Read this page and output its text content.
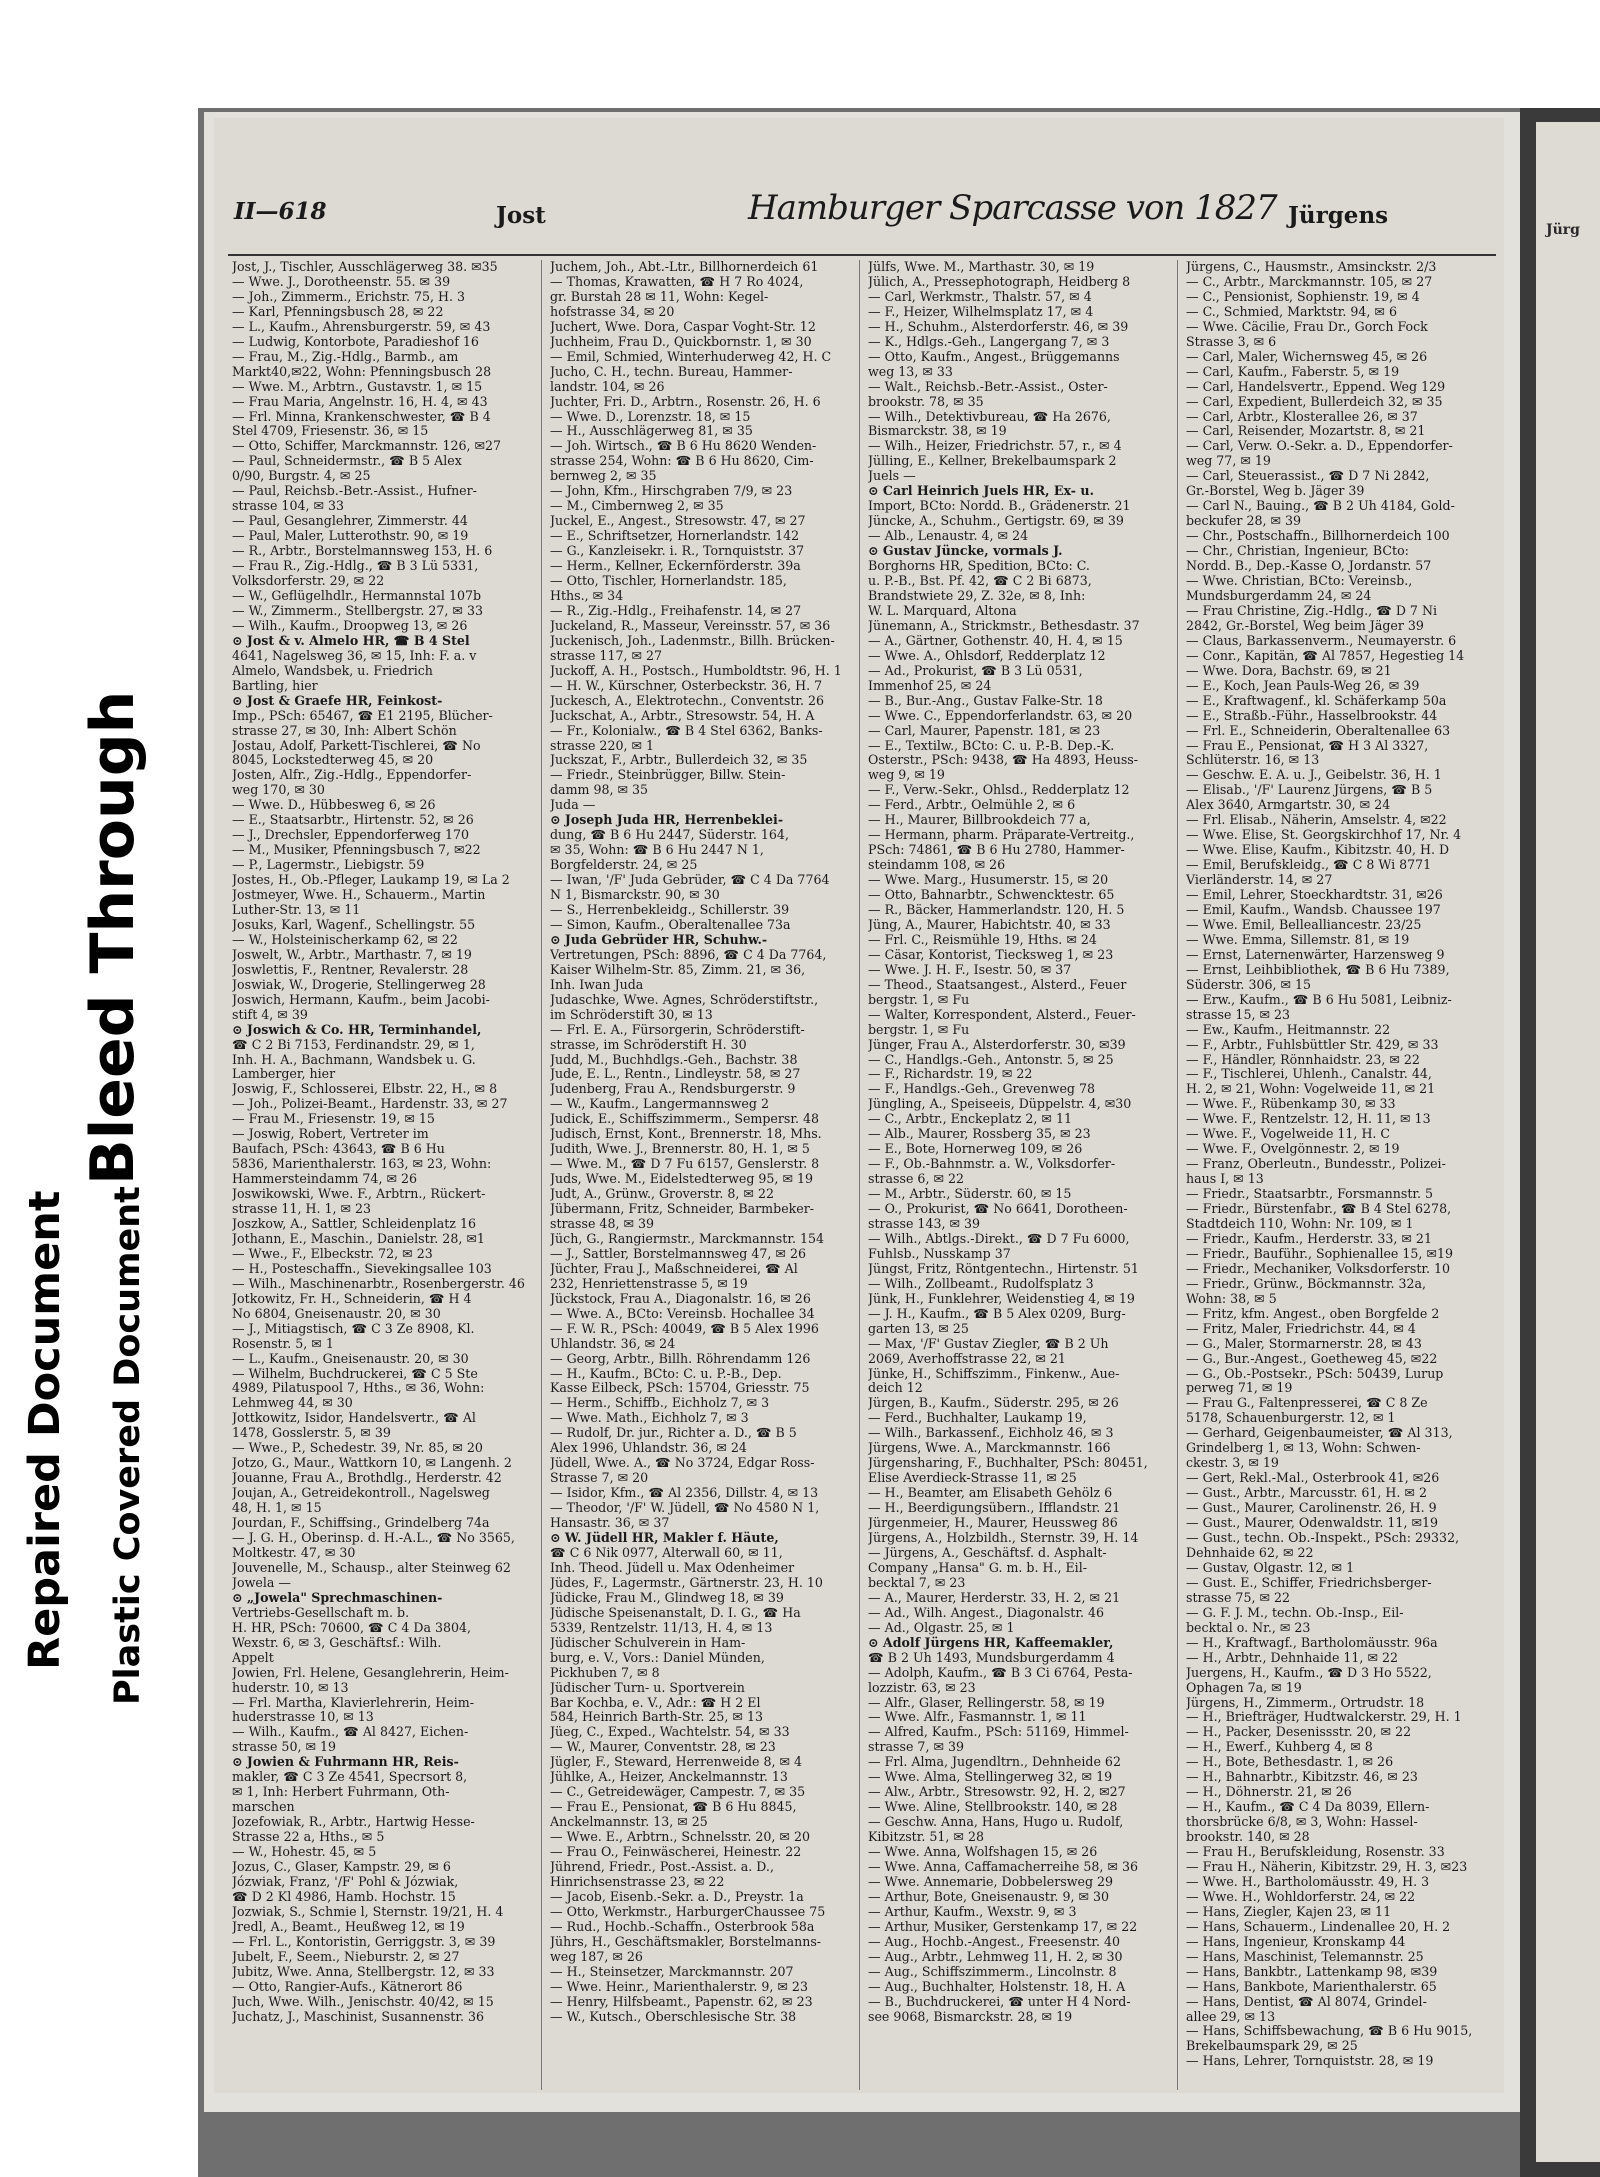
Bleed Through
Repaired Document Plastic Covered Document
II—618	Jost	Hamburger Sparcasse von 1827 Jürgens
Jost, J., Tischler, Ausschlägerweg 38. ✉35
— Wwe. J., Dorotheenstr. 55. ✉ 39
— Joh., Zimmerm., Erichstr. 75, H. 3
— Karl, Pfenningsbusch 28, ✉ 22
— L., Kaufm., Ahrensburgerstr. 59, ✉ 43
— Ludwig, Kontorbote, Paradieshof 16
— Frau, M., Zig.-Hdlg., Barmb., am
Markt40,✉22, Wohn: Pfenningsbusch 28
— Wwe. M., Arbtrn., Gustavstr. 1, ✉ 15
— Frau Maria, Angelnstr. 16, H. 4, ✉ 43
— Frl. Minna, Krankenschwester, ☎ B 4
Stel 4709, Friesenstr. 36, ✉ 15
— Otto, Schiffer, Marckmannstr. 126, ✉27
— Paul, Schneidermstr., ☎ B 5 Alex
0/90, Burgstr. 4, ✉ 25
— Paul, Reichsb.-Betr.-Assist., Hufner-
strasse 104, ✉ 33
— Paul, Gesanglehrer, Zimmerstr. 44
— Paul, Maler, Lutterothstr. 90, ✉ 19
— R., Arbtr., Borstelmannsweg 153, H. 6
— Frau R., Zig.-Hdlg., ☎ B 3 Lü 5331,
Volksdorferstr. 29, ✉ 22
— W., Geflügelhdlr., Hermannstal 107b
— W., Zimmerm., Stellbergstr. 27, ✉ 33
— Wilh., Kaufm., Droopweg 13, ✉ 26
⊙ Jost & v. Almelo HR, ☎ B 4 Stel
4641, Nagelsweg 36, ✉ 15, Inh: F. a. v
Almelo, Wandsbek, u. Friedrich
Bartling, hier
⊙ Jost & Graefe HR, Feinkost-
Imp., PSch: 65467, ☎ E1 2195, Blücher-
strasse 27, ✉ 30, Inh: Albert Schön
Jostau, Adolf, Parkett-Tischlerei, ☎ No
8045, Lockstedterweg 45, ✉ 20
Josten, Alfr., Zig.-Hdlg., Eppendorfer-
weg 170, ✉ 30
— Wwe. D., Hübbesweg 6, ✉ 26
— E., Staatsarbtr., Hirtenstr. 52, ✉ 26
— J., Drechsler, Eppendorferweg 170
— M., Musiker, Pfenningsbusch 7, ✉22
— P., Lagermstr., Liebigstr. 59
Jostes, H., Ob.-Pfleger, Laukamp 19, ✉ La 2
Jostmeyer, Wwe. H., Schauerm., Martin
Luther-Str. 13, ✉ 11
Josuks, Karl, Wagenf., Schellingstr. 55
— W., Holsteinischerkamp 62, ✉ 22
Joswelt, W., Arbtr., Marthastr. 7, ✉ 19
Joswlettis, F., Rentner, Revalerstr. 28
Joswiak, W., Drogerie, Stellingerweg 28
Joswich, Hermann, Kaufm., beim Jacobi-
stift 4, ✉ 39
⊙ Joswich & Co. HR, Terminhandel,
☎ C 2 Bi 7153, Ferdinandstr. 29, ✉ 1,
Inh. H. A., Bachmann, Wandsbek u. G.
Lamberger, hier
Joswig, F., Schlosserei, Elbstr. 22, H., ✉ 8
— Joh., Polizei-Beamt., Hardenstr. 33, ✉ 27
— Frau M., Friesenstr. 19, ✉ 15
— Joswig, Robert, Vertreter im
Baufach, PSch: 43643, ☎ B 6 Hu
5836, Marienthalerstr. 163, ✉ 23, Wohn:
Hammersteindamm 74, ✉ 26
Joswikowski, Wwe. F., Arbtrn., Rückert-
strasse 11, H. 1, ✉ 23
Joszkow, A., Sattler, Schleidenplatz 16
Jothann, E., Maschin., Danielstr. 28, ✉1
— Wwe., F., Elbeckstr. 72, ✉ 23
— H., Posteschaffn., Sievekingsallee 103
— Wilh., Maschinenarbtr., Rosenbergerstr. 46
Jotkowitz, Fr. H., Schneiderin, ☎ H 4
No 6804, Gneisenaustr. 20, ✉ 30
— J., Mitiagstisch, ☎ C 3 Ze 8908, Kl.
Rosenstr. 5, ✉ 1
— L., Kaufm., Gneisenaustr. 20, ✉ 30
— Wilhelm, Buchdruckerei, ☎ C 5 Ste
4989, Pilatuspool 7, Hths., ✉ 36, Wohn:
Lehmweg 44, ✉ 30
Jottkowitz, Isidor, Handelsvertr., ☎ Al
1478, Gosslerstr. 5, ✉ 39
— Wwe., P., Schedestr. 39, Nr. 85, ✉ 20
Jotzo, G., Maur., Wattkorn 10, ✉ Langenh. 2
Jouanne, Frau A., Brothdlg., Herderstr. 42
Joujan, A., Getreidekontroll., Nagelsweg
48, H. 1, ✉ 15
Jourdan, F., Schiffsing., Grindelberg 74a
— J. G. H., Oberinsp. d. H.-A.L., ☎ No 3565,
Moltkestr. 47, ✉ 30
Jouvenelle, M., Schausp., alter Steinweg 62
Jowela —
⊙ „Jowela" Sprechmaschinen-
Vertriebs-Gesellschaft m. b.
H. HR, PSch: 70600, ☎ C 4 Da 3804,
Wexstr. 6, ✉ 3, Geschäftsf.: Wilh.
Appelt
Jowien, Frl. Helene, Gesanglehrerin, Heim-
huderstr. 10, ✉ 13
— Frl. Martha, Klavierlehrerin, Heim-
huderstrasse 10, ✉ 13
— Wilh., Kaufm., ☎ Al 8427, Eichen-
strasse 50, ✉ 19
⊙ Jowien & Fuhrmann HR, Reis-
makler, ☎ C 3 Ze 4541, Specrsort 8,
✉ 1, Inh: Herbert Fuhrmann, Oth-
marschen
Jozefowiak, R., Arbtr., Hartwig Hesse-
Strasse 22 a, Hths., ✉ 5
— W., Hohestr. 45, ✉ 5
Jozus, C., Glaser, Kampstr. 29, ✉ 6
Józwiak, Franz, '/F' Pohl & Józwiak,
☎ D 2 Kl 4986, Hamb. Hochstr. 15
Jozwiak, S., Schmie l, Sternstr. 19/21, H. 4
Jredl, A., Beamt., Heußweg 12, ✉ 19
— Frl. L., Kontoristin, Gerriggstr. 3, ✉ 39
Jubelt, F., Seem., Nieburstr. 2, ✉ 27
Jubitz, Wwe. Anna, Stellbergstr. 12, ✉ 33
— Otto, Rangier-Aufs., Kätnerort 86
Juch, Wwe. Wilh., Jenischstr. 40/42, ✉ 15
Juchatz, J., Maschinist, Susannenstr. 36
Juchem, Joh., Abt.-Ltr., Billhornerdeich 61
— Thomas, Krawatten, ☎ H 7 Ro 4024,
gr. Burstah 28 ✉ 11, Wohn: Kegel-
hofstrasse 34, ✉ 20
Juchert, Wwe. Dora, Caspar Voght-Str. 12
Juchheim, Frau D., Quickbornstr. 1, ✉ 30
— Emil, Schmied, Winterhuderweg 42, H. C
Jucho, C. H., techn. Bureau, Hammer-
landstr. 104, ✉ 26
Juchter, Fri. D., Arbtrn., Rosenstr. 26, H. 6
— Wwe. D., Lorenzstr. 18, ✉ 15
— H., Ausschlägerweg 81, ✉ 35
— Joh. Wirtsch., ☎ B 6 Hu 8620 Wenden-
strasse 254, Wohn: ☎ B 6 Hu 8620, Cim-
bernweg 2, ✉ 35
— John, Kfm., Hirschgraben 7/9, ✉ 23
— M., Cimbernweg 2, ✉ 35
Juckel, E., Angest., Stresowstr. 47, ✉ 27
— E., Schriftsetzer, Hornerlandstr. 142
— G., Kanzleisekr. i. R., Tornquiststr. 37
— Herm., Kellner, Eckernförderstr. 39a
— Otto, Tischler, Hornerlandstr. 185,
Hths., ✉ 34
— R., Zig.-Hdlg., Freihafenstr. 14, ✉ 27
Juckeland, R., Masseur, Vereinsstr. 57, ✉ 36
Juckenisch, Joh., Ladenmstr., Billh. Brücken-
strasse 117, ✉ 27
Juckoff, A. H., Postsch., Humboldtstr. 96, H. 1
— H. W., Kürschner, Osterbeckstr. 36, H. 7
Juckesch, A., Elektrotechn., Conventstr. 26
Juckschat, A., Arbtr., Stresowstr. 54, H. A
— Fr., Kolonialw., ☎ B 4 Stel 6362, Banks-
strasse 220, ✉ 1
Juckszat, F., Arbtr., Bullerdeich 32, ✉ 35
— Friedr., Steinbrügger, Billw. Stein-
damm 98, ✉ 35
Juda —
⊙ Joseph Juda HR, Herrenbeklei-
dung, ☎ B 6 Hu 2447, Süderstr. 164,
✉ 35, Wohn: ☎ B 6 Hu 2447 N 1,
Borgfelderstr. 24, ✉ 25
— Iwan, '/F' Juda Gebrüder, ☎ C 4 Da 7764
N 1, Bismarckstr. 90, ✉ 30
— S., Herrenbekleidg., Schillerstr. 39
— Simon, Kaufm., Oberaltenallee 73a
⊙ Juda Gebrüder HR, Schuhw.-
Vertretungen, PSch: 8896, ☎ C 4 Da 7764,
Kaiser Wilhelm-Str. 85, Zimm. 21, ✉ 36,
Inh. Iwan Juda
Judaschke, Wwe. Agnes, Schröderstiftstr.,
im Schröderstift 30, ✉ 13
— Frl. E. A., Fürsorgerin, Schröderstift-
strasse, im Schröderstift H. 30
Judd, M., Buchhdlgs.-Geh., Bachstr. 38
Jude, E. L., Rentn., Lindleystr. 58, ✉ 27
Judenberg, Frau A., Rendsburgerstr. 9
— W., Kaufm., Langermannsweg 2
Judick, E., Schiffszimmerm., Sempersr. 48
Judisch, Ernst, Kont., Brennerstr. 18, Mhs.
Judith, Wwe. J., Brennerstr. 80, H. 1, ✉ 5
— Wwe. M., ☎ D 7 Fu 6157, Genslerstr. 8
Juds, Wwe. M., Eidelstedterweg 95, ✉ 19
Judt, A., Grünw., Groverstr. 8, ✉ 22
Jübermann, Fritz, Schneider, Barmbeker-
strasse 48, ✉ 39
Jüch, G., Rangiermstr., Marckmannstr. 154
— J., Sattler, Borstelmannsweg 47, ✉ 26
Jüchter, Frau J., Maßschneiderei, ☎ Al
232, Henriettenstrasse 5, ✉ 19
Jückstock, Frau A., Diagonalstr. 16, ✉ 26
— Wwe. A., BCto: Vereinsb. Hochallee 34
— F. W. R., PSch: 40049, ☎ B 5 Alex 1996
Uhlandstr. 36, ✉ 24
— Georg, Arbtr., Billh. Röhrendamm 126
— H., Kaufm., BCto: C. u. P.-B., Dep.
Kasse Eilbeck, PSch: 15704, Griesstr. 75
— Herm., Schiffb., Eichholz 7, ✉ 3
— Wwe. Math., Eichholz 7, ✉ 3
— Rudolf, Dr. jur., Richter a. D., ☎ B 5
Alex 1996, Uhlandstr. 36, ✉ 24
Jüdell, Wwe. A., ☎ No 3724, Edgar Ross-
Strasse 7, ✉ 20
— Isidor, Kfm., ☎ Al 2356, Dillstr. 4, ✉ 13
— Theodor, '/F' W. Jüdell, ☎ No 4580 N 1,
Hansastr. 36, ✉ 37
⊙ W. Jüdell HR, Makler f. Häute,
☎ C 6 Nik 0977, Alterwall 60, ✉ 11,
Inh. Theod. Jüdell u. Max Odenheimer
Jüdes, F., Lagermstr., Gärtnerstr. 23, H. 10
Jüdicke, Frau M., Glindweg 18, ✉ 39
Jüdische Speisenanstalt, D. I. G., ☎ Ha
5339, Rentzelstr. 11/13, H. 4, ✉ 13
Jüdischer Schulverein in Ham-
burg, e. V., Vors.: Daniel Münden,
Pickhuben 7, ✉ 8
Jüdischer Turn- u. Sportverein
Bar Kochba, e. V., Adr.: ☎ H 2 El
584, Heinrich Barth-Str. 25, ✉ 13
Jüeg, C., Exped., Wachtelstr. 54, ✉ 33
— W., Maurer, Conventstr. 28, ✉ 23
Jügler, F., Steward, Herrenweide 8, ✉ 4
Jühlke, A., Heizer, Anckelmannstr. 13
— C., Getreidewäger, Campestr. 7, ✉ 35
— Frau E., Pensionat, ☎ B 6 Hu 8845,
Anckelmannstr. 13, ✉ 25
— Wwe. E., Arbtrn., Schnelsstr. 20, ✉ 20
— Frau O., Feinwäscherei, Heinestr. 22
Jührend, Friedr., Post.-Assist. a. D.,
Hinrichsenstrasse 23, ✉ 22
— Jacob, Eisenb.-Sekr. a. D., Preystr. 1a
— Otto, Werkmstr., HarburgerChaussee 75
— Rud., Hochb.-Schaffn., Osterbrook 58a
Jührs, H., Geschäftsmakler, Borstelmanns-
weg 187, ✉ 26
— H., Steinsetzer, Marckmannstr. 207
— Wwe. Heinr., Marienthalerstr. 9, ✉ 23
— Henry, Hilfsbeamt., Papenstr. 62, ✉ 23
— W., Kutsch., Oberschlesische Str. 38
Jülfs, Wwe. M., Marthastr. 30, ✉ 19
Jülich, A., Pressephotograph, Heidberg 8
— Carl, Werkmstr., Thalstr. 57, ✉ 4
— F., Heizer, Wilhelmsplatz 17, ✉ 4
— H., Schuhm., Alsterdorferstr. 46, ✉ 39
— K., Hdlgs.-Geh., Langergang 7, ✉ 3
— Otto, Kaufm., Angest., Brüggemanns
weg 13, ✉ 33
— Walt., Reichsb.-Betr.-Assist., Oster-
brookstr. 78, ✉ 35
— Wilh., Detektivbureau, ☎ Ha 2676,
Bismarckstr. 38, ✉ 19
— Wilh., Heizer, Friedrichstr. 57, r., ✉ 4
Jülling, E., Kellner, Brekelbaumspark 2
Juels —
⊙ Carl Heinrich Juels HR, Ex- u.
Import, BCto: Nordd. B., Grädenerstr. 21
Jüncke, A., Schuhm., Gertigstr. 69, ✉ 39
— Alb., Lenaustr. 4, ✉ 24
⊙ Gustav Jüncke, vormals J.
Borghorns HR, Spedition, BCto: C.
u. P.-B., Bst. Pf. 42, ☎ C 2 Bi 6873,
Brandstwiete 29, Z. 32e, ✉ 8, Inh:
W. L. Marquard, Altona
Jünemann, A., Strickmstr., Bethesdastr. 37
— A., Gärtner, Gothenstr. 40, H. 4, ✉ 15
— Wwe. A., Ohlsdorf, Redderplatz 12
— Ad., Prokurist, ☎ B 3 Lü 0531,
Immenhof 25, ✉ 24
— B., Bur.-Ang., Gustav Falke-Str. 18
— Wwe. C., Eppendorferlandstr. 63, ✉ 20
— Carl, Maurer, Papenstr. 181, ✉ 23
— E., Textilw., BCto: C. u. P.-B. Dep.-K.
Osterstr., PSch: 9438, ☎ Ha 4893, Heuss-
weg 9, ✉ 19
— F., Verw.-Sekr., Ohlsd., Redderplatz 12
— Ferd., Arbtr., Oelmühle 2, ✉ 6
— H., Maurer, Billbrookdeich 77 a,
— Hermann, pharm. Präparate-Vertreitg.,
PSch: 74861, ☎ B 6 Hu 2780, Hammer-
steindamm 108, ✉ 26
— Wwe. Marg., Husumerstr. 15, ✉ 20
— Otto, Bahnarbtr., Schwencktestr. 65
— R., Bäcker, Hammerlandstr. 120, H. 5
Jüng, A., Maurer, Habichtstr. 40, ✉ 33
— Frl. C., Reismühle 19, Hths. ✉ 24
— Cäsar, Kontorist, Tiecksweg 1, ✉ 23
— Wwe. J. H. F., Isestr. 50, ✉ 37
— Theod., Staatsangest., Alsterd., Feuer
bergstr. 1, ✉ Fu
— Walter, Korrespondent, Alsterd., Feuer-
bergstr. 1, ✉ Fu
Jünger, Frau A., Alsterdorferstr. 30, ✉39
— C., Handlgs.-Geh., Antonstr. 5, ✉ 25
— F., Richardstr. 19, ✉ 22
— F., Handlgs.-Geh., Grevenweg 78
Jüngling, A., Speiseeis, Düppelstr. 4, ✉30
— C., Arbtr., Enckeplatz 2, ✉ 11
— Alb., Maurer, Rossberg 35, ✉ 23
— E., Bote, Hornerweg 109, ✉ 26
— F., Ob.-Bahnmstr. a. W., Volksdorfer-
strasse 6, ✉ 22
— M., Arbtr., Süderstr. 60, ✉ 15
— O., Prokurist, ☎ No 6641, Dorotheen-
strasse 143, ✉ 39
— Wilh., Abtlgs.-Direkt., ☎ D 7 Fu 6000,
Fuhlsb., Nusskamp 37
Jüngst, Fritz, Röntgentechn., Hirtenstr. 51
— Wilh., Zollbeamt., Rudolfsplatz 3
Jünk, H., Funklehrer, Weidenstieg 4, ✉ 19
— J. H., Kaufm., ☎ B 5 Alex 0209, Burg-
garten 13, ✉ 25
— Max, '/F' Gustav Ziegler, ☎ B 2 Uh
2069, Averhoffstrasse 22, ✉ 21
Jünke, H., Schiffszimm., Finkenw., Aue-
deich 12
Jürgen, B., Kaufm., Süderstr. 295, ✉ 26
— Ferd., Buchhalter, Laukamp 19,
— Wilh., Barkassenf., Eichholz 46, ✉ 3
Jürgens, Wwe. A., Marckmannstr. 166
Jürgensharing, F., Buchhalter, PSch: 80451,
Elise Averdieck-Strasse 11, ✉ 25
— H., Beamter, am Elisabeth Gehölz 6
— H., Beerdigungsübern., Ifflandstr. 21
Jürgenmeier, H., Maurer, Heussweg 86
Jürgens, A., Holzbildh., Sternstr. 39, H. 14
— Jürgens, A., Geschäftsf. d. Asphalt-
Company „Hansa" G. m. b. H., Eil-
becktal 7, ✉ 23
— A., Maurer, Herderstr. 33, H. 2, ✉ 21
— Ad., Wilh. Angest., Diagonalstr. 46
— Ad., Olgastr. 25, ✉ 1
⊙ Adolf Jürgens HR, Kaffeemakler,
☎ B 2 Uh 1493, Mundsburgerdamm 4
— Adolph, Kaufm., ☎ B 3 Ci 6764, Pesta-
lozzistr. 63, ✉ 23
— Alfr., Glaser, Rellingerstr. 58, ✉ 19
— Wwe. Alfr., Fasmannstr. 1, ✉ 11
— Alfred, Kaufm., PSch: 51169, Himmel-
strasse 7, ✉ 39
— Frl. Alma, Jugendltrn., Dehnheide 62
— Wwe. Alma, Stellingerweg 32, ✉ 19
— Alw., Arbtr., Stresowstr. 92, H. 2, ✉27
— Wwe. Aline, Stellbrookstr. 140, ✉ 28
— Geschw. Anna, Hans, Hugo u. Rudolf,
Kibitzstr. 51, ✉ 28
— Wwe. Anna, Wolfshagen 15, ✉ 26
— Wwe. Anna, Caffamacherreihe 58, ✉ 36
— Wwe. Annemarie, Dobbelersweg 29
— Arthur, Bote, Gneisenaustr. 9, ✉ 30
— Arthur, Kaufm., Wexstr. 9, ✉ 3
— Arthur, Musiker, Gerstenkamp 17, ✉ 22
— Aug., Hochb.-Angest., Freesenstr. 40
— Aug., Arbtr., Lehmweg 11, H. 2, ✉ 30
— Aug., Schiffszimmerm., Lincolnstr. 8
— Aug., Buchhalter, Holstenstr. 18, H. A
— B., Buchdruckerei, ☎ unter H 4 Nord-
see 9068, Bismarckstr. 28, ✉ 19
Jürgens, C., Hausmstr., Amsinckstr. 2/3
— C., Arbtr., Marckmannstr. 105, ✉ 27
— C., Pensionist, Sophienstr. 19, ✉ 4
— C., Schmied, Marktstr. 94, ✉ 6
— Wwe. Cäcilie, Frau Dr., Gorch Fock
Strasse 3, ✉ 6
— Carl, Maler, Wichernsweg 45, ✉ 26
— Carl, Kaufm., Faberstr. 5, ✉ 19
— Carl, Handelsvertr., Eppend. Weg 129
— Carl, Expedient, Bullerdeich 32, ✉ 35
— Carl, Arbtr., Klosterallee 26, ✉ 37
— Carl, Reisender, Mozartstr. 8, ✉ 21
— Carl, Verw. O.-Sekr. a. D., Eppendorfer-
weg 77, ✉ 19
— Carl, Steuerassist., ☎ D 7 Ni 2842,
Gr.-Borstel, Weg b. Jäger 39
— Carl N., Bauing., ☎ B 2 Uh 4184, Gold-
beckufer 28, ✉ 39
— Chr., Postschaffn., Billhornerdeich 100
— Chr., Christian, Ingenieur, BCto:
Nordd. B., Dep.-Kasse O, Jordanstr. 57
— Wwe. Christian, BCto: Vereinsb.,
Mundsburgerdamm 24, ✉ 24
— Frau Christine, Zig.-Hdlg., ☎ D 7 Ni
2842, Gr.-Borstel, Weg beim Jäger 39
— Claus, Barkassenverm., Neumayerstr. 6
— Conr., Kapitän, ☎ Al 7857, Hegestieg 14
— Wwe. Dora, Bachstr. 69, ✉ 21
— E., Koch, Jean Pauls-Weg 26, ✉ 39
— E., Kraftwagenf., kl. Schäferkamp 50a
— E., Straßb.-Führ., Hasselbrookstr. 44
— Frl. E., Schneiderin, Oberaltenallee 63
— Frau E., Pensionat, ☎ H 3 Al 3327,
Schlüterstr. 16, ✉ 13
— Geschw. E. A. u. J., Geibelstr. 36, H. 1
— Elisab., '/F' Laurenz Jürgens, ☎ B 5
Alex 3640, Armgartstr. 30, ✉ 24
— Frl. Elisab., Näherin, Amselstr. 4, ✉22
— Wwe. Elise, St. Georgskirchhof 17, Nr. 4
— Wwe. Elise, Kaufm., Kibitzstr. 40, H. D
— Emil, Berufskleidg., ☎ C 8 Wi 8771
Vierländerstr. 14, ✉ 27
— Emil, Lehrer, Stoeckhardtstr. 31, ✉26
— Emil, Kaufm., Wandsb. Chaussee 197
— Wwe. Emil, Bellealliancestr. 23/25
— Wwe. Emma, Sillemstr. 81, ✉ 19
— Ernst, Laternenwärter, Harzensweg 9
— Ernst, Leihbibliothek, ☎ B 6 Hu 7389,
Süderstr. 306, ✉ 15
— Erw., Kaufm., ☎ B 6 Hu 5081, Leibniz-
strasse 15, ✉ 23
— Ew., Kaufm., Heitmannstr. 22
— F., Arbtr., Fuhlsbüttler Str. 429, ✉ 33
— F., Händler, Rönnhaidstr. 23, ✉ 22
— F., Tischlerei, Uhlenh., Canalstr. 44,
H. 2, ✉ 21, Wohn: Vogelweide 11, ✉ 21
— Wwe. F., Rübenkamp 30, ✉ 33
— Wwe. F., Rentzelstr. 12, H. 11, ✉ 13
— Wwe. F., Vogelweide 11, H. C
— Wwe. F., Ovelgönnestr. 2, ✉ 19
— Franz, Oberleutn., Bundesstr., Polizei-
haus I, ✉ 13
— Friedr., Staatsarbtr., Forsmannstr. 5
— Friedr., Bürstenfabr., ☎ B 4 Stel 6278,
Stadtdeich 110, Wohn: Nr. 109, ✉ 1
— Friedr., Kaufm., Herderstr. 33, ✉ 21
— Friedr., Bauführ., Sophienallee 15, ✉19
— Friedr., Mechaniker, Volksdorferstr. 10
— Friedr., Grünw., Böckmannstr. 32a,
Wohn: 38, ✉ 5
— Fritz, kfm. Angest., oben Borgfelde 2
— Fritz, Maler, Friedrichstr. 44, ✉ 4
— G., Maler, Stormarnerstr. 28, ✉ 43
— G., Bur.-Angest., Goetheweg 45, ✉22
— G., Ob.-Postsekr., PSch: 50439, Lurup
perweg 71, ✉ 19
— Frau G., Faltenpresserei, ☎ C 8 Ze
5178, Schauenburgerstr. 12, ✉ 1
— Gerhard, Geigenbaumeister, ☎ Al 313,
Grindelberg 1, ✉ 13, Wohn: Schwen-
ckestr. 3, ✉ 19
— Gert, Rekl.-Mal., Osterbrook 41, ✉26
— Gust., Arbtr., Marcusstr. 61, H. ✉ 2
— Gust., Maurer, Carolinenstr. 26, H. 9
— Gust., Maurer, Odenwaldstr. 11, ✉19
— Gust., techn. Ob.-Inspekt., PSch: 29332,
Dehnhaide 62, ✉ 22
— Gustav, Olgastr. 12, ✉ 1
— Gust. E., Schiffer, Friedrichsberger-
strasse 75, ✉ 22
— G. F. J. M., techn. Ob.-Insp., Eil-
becktal o. Nr., ✉ 23
— H., Kraftwagf., Bartholomäusstr. 96a
— H., Arbtr., Dehnhaide 11, ✉ 22
Juergens, H., Kaufm., ☎ D 3 Ho 5522,
Ophagen 7a, ✉ 19
Jürgens, H., Zimmerm., Ortrudstr. 18
— H., Briefträger, Hudtwalckerstr. 29, H. 1
— H., Packer, Desenissstr. 20, ✉ 22
— H., Ewerf., Kuhberg 4, ✉ 8
— H., Bote, Bethesdastr. 1, ✉ 26
— H., Bahnarbtr., Kibitzstr. 46, ✉ 23
— H., Döhnerstr. 21, ✉ 26
— H., Kaufm., ☎ C 4 Da 8039, Ellern-
thorsbrücke 6/8, ✉ 3, Wohn: Hassel-
brookstr. 140, ✉ 28
— Frau H., Berufskleidung, Rosenstr. 33
— Frau H., Näherin, Kibitzstr. 29, H. 3, ✉23
— Wwe. H., Bartholomäusstr. 49, H. 3
— Wwe. H., Wohldorferstr. 24, ✉ 22
— Hans, Ziegler, Kajen 23, ✉ 11
— Hans, Schauerm., Lindenallee 20, H. 2
— Hans, Ingenieur, Kronskamp 44
— Hans, Maschinist, Telemannstr. 25
— Hans, Bankbtr., Lattenkamp 98, ✉39
— Hans, Bankbote, Marienthalerstr. 65
— Hans, Dentist, ☎ Al 8074, Grindel-
allee 29, ✉ 13
— Hans, Schiffsbewachung, ☎ B 6 Hu 9015,
Brekelbaumspark 29, ✉ 25
— Hans, Lehrer, Tornquiststr. 28, ✉ 19
Jürg
